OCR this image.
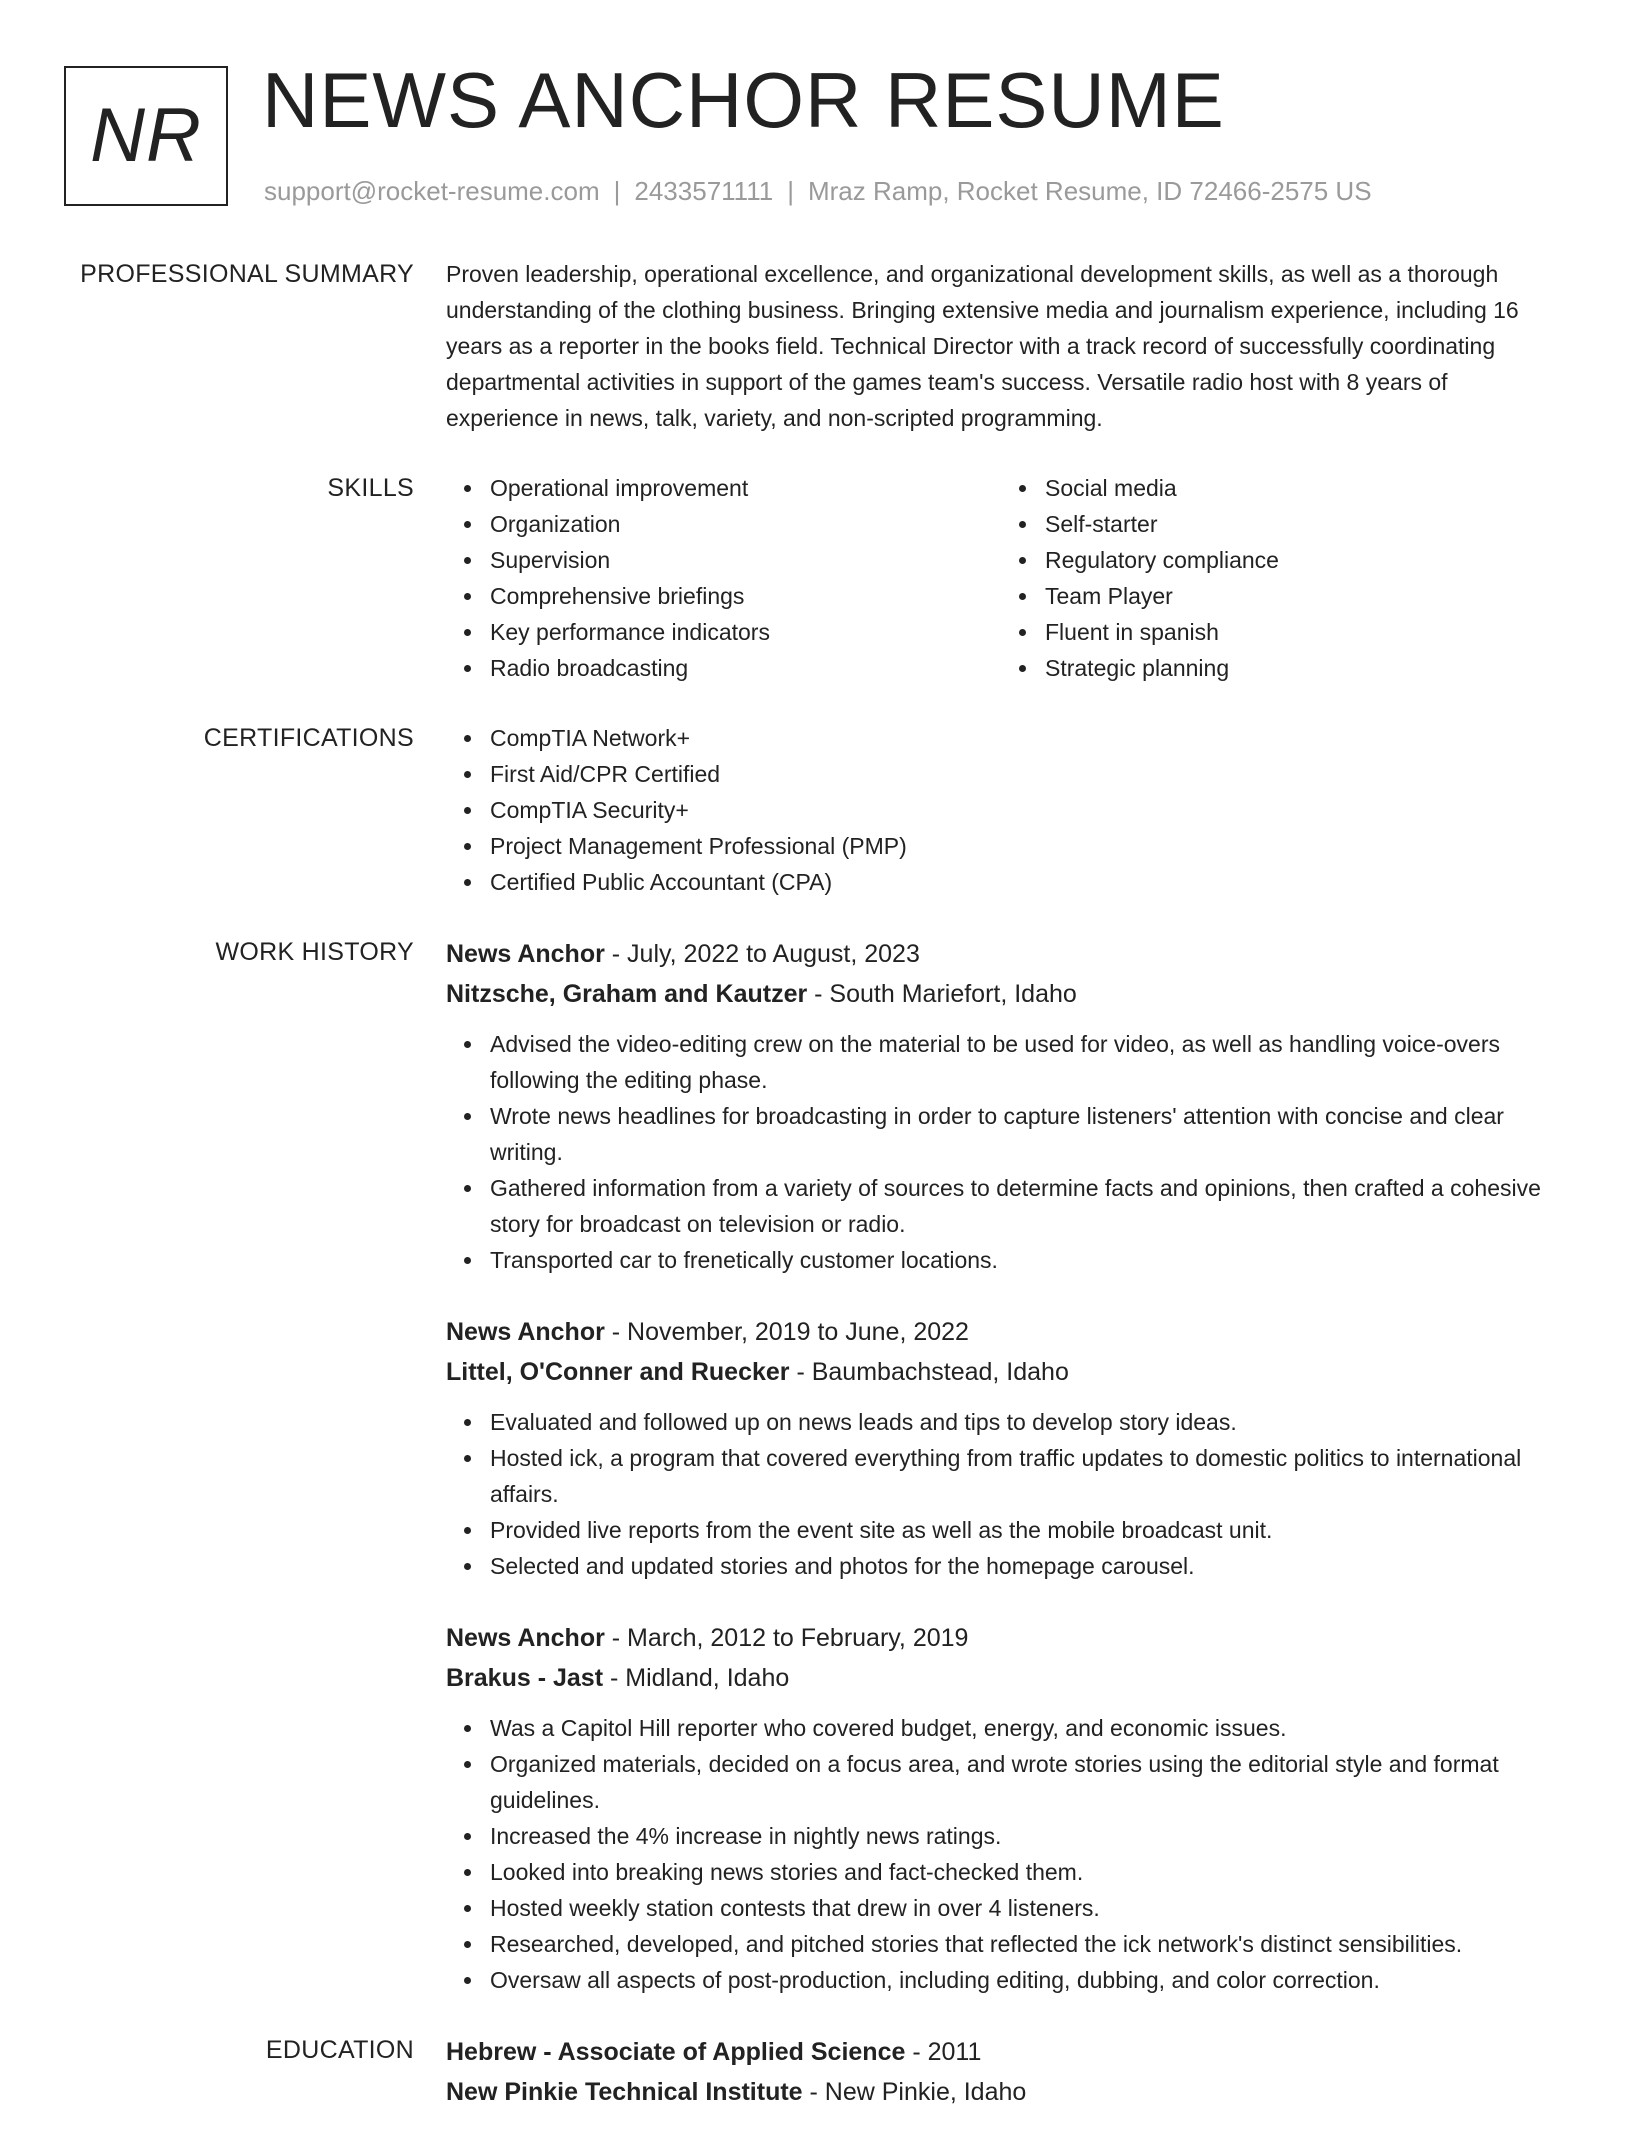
NR NEWS ANCHOR RESUME
support@rocket-resume.com | 2433571111 | Mraz Ramp, Rocket Resume, ID 72466-2575 US
PROFESSIONAL SUMMARY Proven leadership, operational excellence, and organizational development skills, as well as a thorough understanding of the clothing business. Bringing extensive media and journalism experience, including 16 years as a reporter in the books field. Technical Director with a track record of successfully coordinating departmental activities in support of the games team's success. Versatile radio host with 8 years of experience in news, talk, variety, and non-scripted programming.

SKILLS	Operational improvement
Organization
Supervision
Comprehensive briefings
Key performance indicators
Radio broadcasting
Social media
Self-starter
Regulatory compliance
Team Player
Fluent in spanish
Strategic planning
CERTIFICATIONS	CompTIA Network+
First Aid/CPR Certified
CompTIA Security+
Project Management Professional (PMP)
Certified Public Accountant (CPA)
WORK HISTORY News Anchor - July, 2022 to August, 2023
Nitzsche, Graham and Kautzer - South Mariefort, Idaho
Advised the video-editing crew on the material to be used for video, as well as handling voice-overs following the editing phase.
Wrote news headlines for broadcasting in order to capture listeners' attention with concise and clear writing.
Gathered information from a variety of sources to determine facts and opinions, then crafted a cohesive story for broadcast on television or radio.
Transported car to frenetically customer locations.
News Anchor - November, 2019 to June, 2022
Littel, O'Conner and Ruecker - Baumbachstead, Idaho
Evaluated and followed up on news leads and tips to develop story ideas.
Hosted ick, a program that covered everything from traffic updates to domestic politics to international affairs.
Provided live reports from the event site as well as the mobile broadcast unit.
Selected and updated stories and photos for the homepage carousel.
News Anchor - March, 2012 to February, 2019
Brakus - Jast - Midland, Idaho
Was a Capitol Hill reporter who covered budget, energy, and economic issues.
Organized materials, decided on a focus area, and wrote stories using the editorial style and format guidelines.
Increased the 4% increase in nightly news ratings.
Looked into breaking news stories and fact-checked them.
Hosted weekly station contests that drew in over 4 listeners.
Researched, developed, and pitched stories that reflected the ick network's distinct sensibilities.
Oversaw all aspects of post-production, including editing, dubbing, and color correction.
EDUCATION Hebrew - Associate of Applied Science - 2011
New Pinkie Technical Institute - New Pinkie, Idaho
